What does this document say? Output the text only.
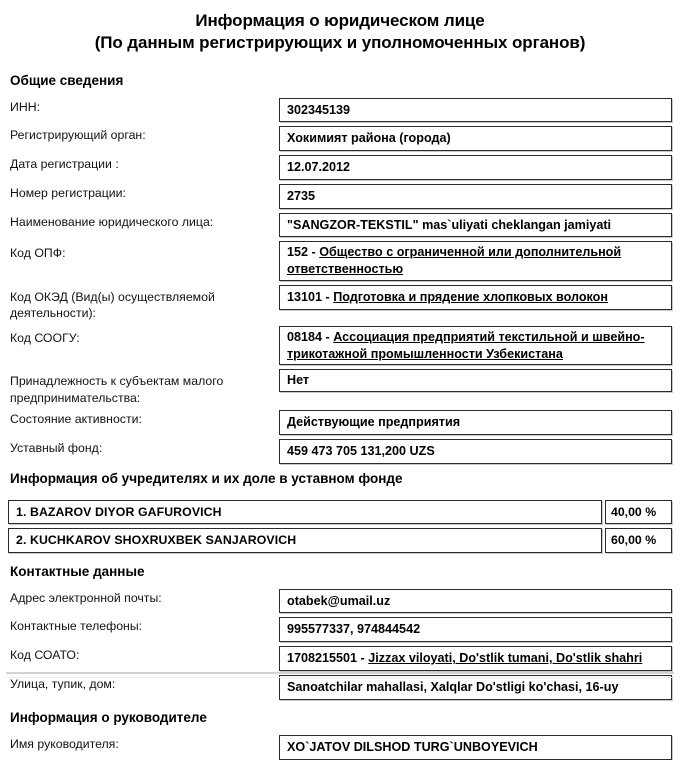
Информация о юридическом лице
(По данным регистрирующих и уполномоченных органов)
Общие сведения
ИНН:	302345139
Регистрирующий орган:	Хокимият района (города)
Дата регистрации :	12.07.2012
Номер регистрации:	2735
Наименование юридического лица:	"SANGZOR-TEKSTIL" mas`uliyati cheklangan jamiyati
Код ОПФ:	152 - Общество с ограниченной или дополнительной ответственностью
Код ОКЭД (Вид(ы) осуществляемой деятельности):
13101 - Подготовка и прядение хлопковых волокон
Код СООГУ:	08184 - Ассоциация предприятий текстильной и швейно-трикотажной промышленности Узбекистана
Принадлежность к субъектам малого предпринимательства:
Нет
Состояние активности:	Действующие предприятия
Уставный фонд:	459 473 705 131,200 UZS
Информация об учредителях и их доле в уставном фонде
1. BAZAROV DIYOR GAFUROVICH	40,00 %
2. KUCHKAROV SHOXRUXBEK SANJAROVICH	60,00 %
Контактные данные
Адрес электронной почты:	otabek@umail.uz
Контактные телефоны:	995577337, 974844542
Код СОАТО:	1708215501 - Jizzax viloyati, Do'stlik tumani, Do'stlik shahri
Улица, тупик, дом:	Sanoatchilar mahallasi, Xalqlar Do'stligi ko'chasi, 16-uy
Информация о руководителе
Имя руководителя:	XO`JATOV DILSHOD TURG`UNBOYEVICH
